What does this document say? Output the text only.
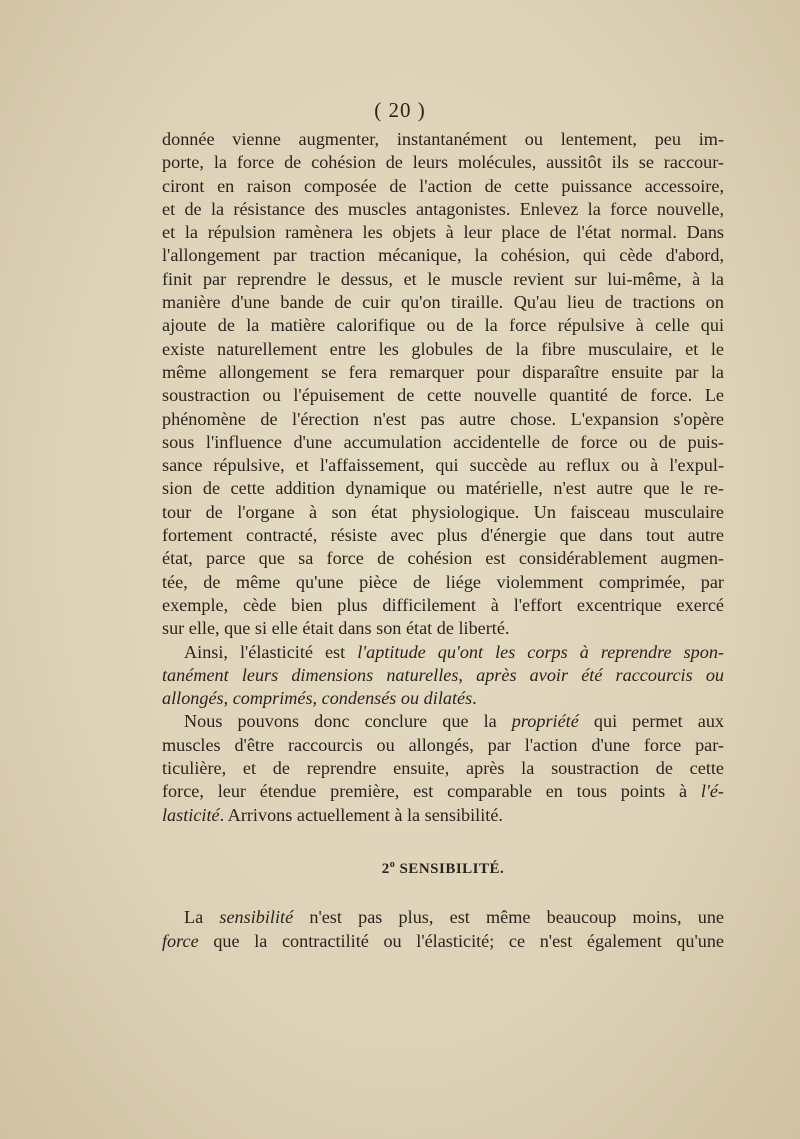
( 20 )
donnée vienne augmenter, instantanément ou lentement, peu im-
porte, la force de cohésion de leurs molécules, aussitôt ils se raccour-
ciront en raison composée de l'action de cette puissance accessoire,
et de la résistance des muscles antagonistes. Enlevez la force nouvelle,
et la répulsion ramènera les objets à leur place de l'état normal. Dans
l'allongement par traction mécanique, la cohésion, qui cède d'abord,
finit par reprendre le dessus, et le muscle revient sur lui-même, à la
manière d'une bande de cuir qu'on tiraille. Qu'au lieu de tractions on
ajoute de la matière calorifique ou de la force répulsive à celle qui
existe naturellement entre les globules de la fibre musculaire, et le
même allongement se fera remarquer pour disparaître ensuite par la
soustraction ou l'épuisement de cette nouvelle quantité de force. Le
phénomène de l'érection n'est pas autre chose. L'expansion s'opère
sous l'influence d'une accumulation accidentelle de force ou de puis-
sance répulsive, et l'affaissement, qui succède au reflux ou à l'expul-
sion de cette addition dynamique ou matérielle, n'est autre que le re-
tour de l'organe à son état physiologique. Un faisceau musculaire
fortement contracté, résiste avec plus d'énergie que dans tout autre
état, parce que sa force de cohésion est considérablement augmen-
tée, de même qu'une pièce de liége violemment comprimée, par
exemple, cède bien plus difficilement à l'effort excentrique exercé
sur elle, que si elle était dans son état de liberté.
Ainsi, l'élasticité est l'aptitude qu'ont les corps à reprendre spon-
tanément leurs dimensions naturelles, après avoir été raccourcis ou
allongés, comprimés, condensés ou dilatés.
Nous pouvons donc conclure que la propriété qui permet aux
muscles d'être raccourcis ou allongés, par l'action d'une force par-
ticulière, et de reprendre ensuite, après la soustraction de cette
force, leur étendue première, est comparable en tous points à l'é-
lasticité. Arrivons actuellement à la sensibilité.
2$^o$ SENSIBILITÉ.
La sensibilité n'est pas plus, est même beaucoup moins, une
force que la contractilité ou l'élasticité; ce n'est également qu'une
